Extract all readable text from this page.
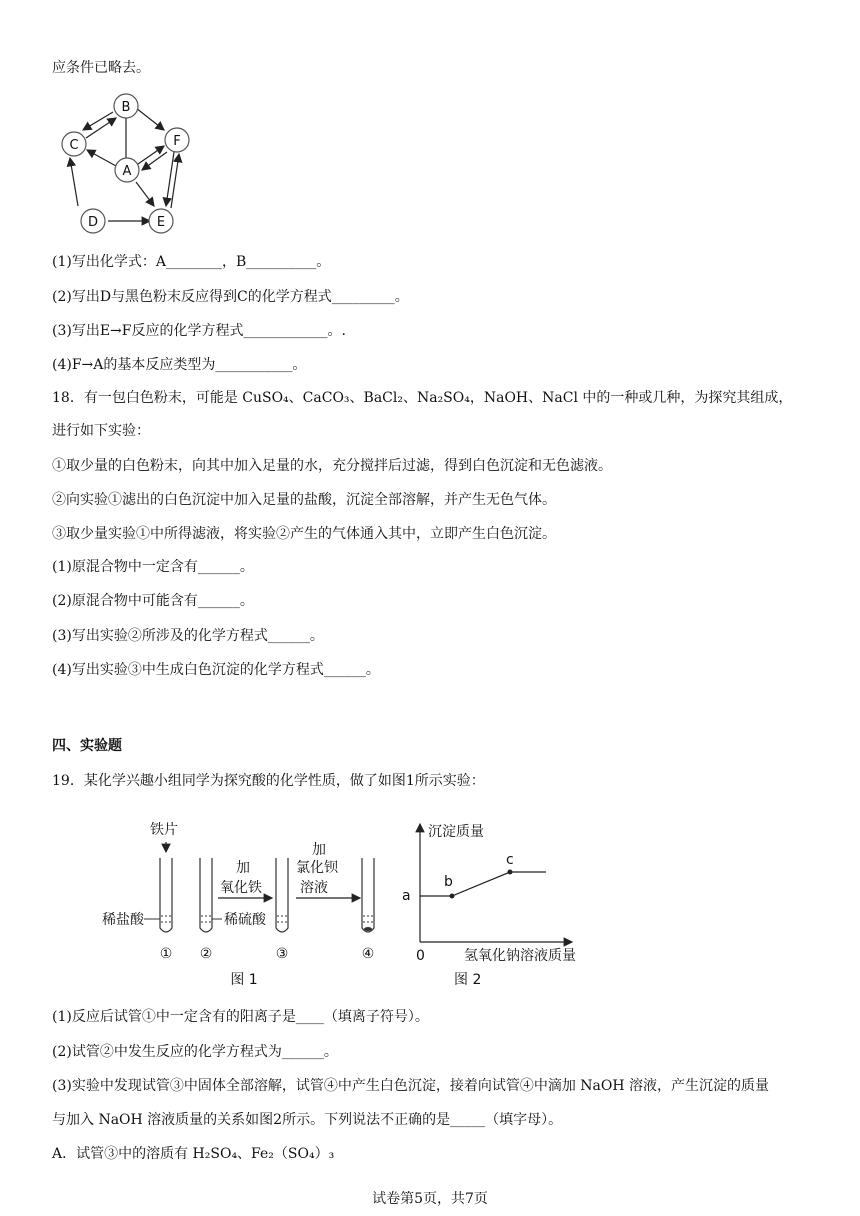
应条件已略去。
B
C	F
A
D	E
(1)写出化学式：A________，B__________。
(2)写出D与黑色粉末反应得到C的化学方程式_________。
(3)写出E→F反应的化学方程式____________。.
(4)F→A的基本反应类型为___________。
18．有一包白色粉末，可能是 CuSO₄、CaCO₃、BaCl₂、Na₂SO₄，NaOH、NaCl 中的一种或几种，为探究其组成，
进行如下实验：
①取少量的白色粉末，向其中加入足量的水，充分搅拌后过滤，得到白色沉淀和无色滤液。
②向实验①滤出的白色沉淀中加入足量的盐酸，沉淀全部溶解，并产生无色气体。
③取少量实验①中所得滤液，将实验②产生的气体通入其中，立即产生白色沉淀。
(1)原混合物中一定含有______。
(2)原混合物中可能含有______。
(3)写出实验②所涉及的化学方程式______。
(4)写出实验③中生成白色沉淀的化学方程式______。
四、实验题
19．某化学兴趣小组同学为探究酸的化学性质，做了如图1所示实验：
铁片
加
氧化铁
加
氯化钡
溶液
稀盐酸	稀硫酸
① ②	③	④
图 1
沉淀质量
氢氧化钠溶液质量
0
a
b
c
图 2
(1)反应后试管①中一定含有的阳离子是____（填离子符号）。
(2)试管②中发生反应的化学方程式为______。
(3)实验中发现试管③中固体全部溶解，试管④中产生白色沉淀，接着向试管④中滴加 NaOH 溶液，产生沉淀的质量
与加入 NaOH 溶液质量的关系如图2所示。下列说法不正确的是_____（填字母）。
A．试管③中的溶质有 H₂SO₄、Fe₂（SO₄）₃
试卷第5页，共7页
